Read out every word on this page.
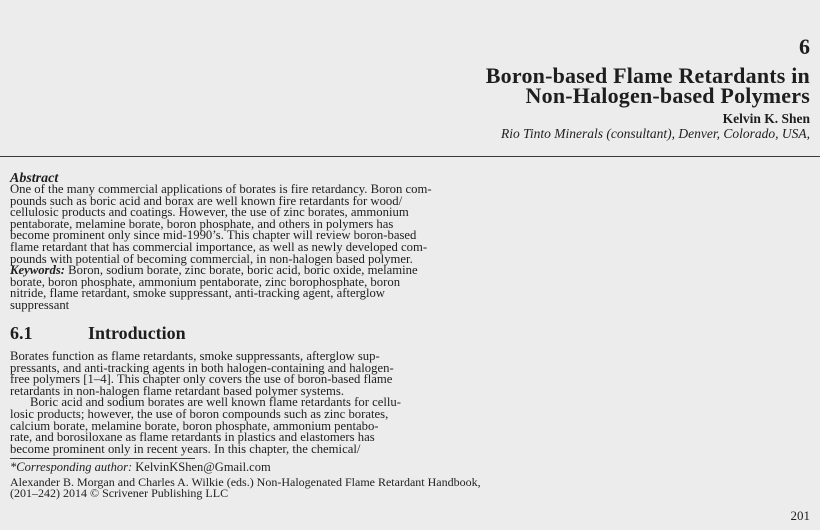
6
Boron-based Flame Retardants in
Non-Halogen-based Polymers
Kelvin K. Shen
Rio Tinto Minerals (consultant), Denver, Colorado, USA,
Abstract
One of the many commercial applications of borates is fire retardancy. Boron com-
pounds such as boric acid and borax are well known fire retardants for wood/
cellulosic products and coatings. However, the use of zinc borates, ammonium
pentaborate, melamine borate, boron phosphate, and others in polymers has
become prominent only since mid-1990’s. This chapter will review boron-based
flame retardant that has commercial importance, as well as newly developed com-
pounds with potential of becoming commercial, in non-halogen based polymer.
Keywords: Boron, sodium borate, zinc borate, boric acid, boric oxide, melamine
borate, boron phosphate, ammonium pentaborate, zinc borophosphate, boron
nitride, flame retardant, smoke suppressant, anti-tracking agent, afterglow
suppressant
6.1	Introduction

Borates function as flame retardants, smoke suppressants, afterglow sup-
pressants, and anti-tracking agents in both halogen-containing and halogen-
free polymers [1–4]. This chapter only covers the use of boron-based flame
retardants in non-halogen flame retardant based polymer systems.

Boric acid and sodium borates are well known flame retardants for cellu-
losic products; however, the use of boron compounds such as zinc borates,
calcium borate, melamine borate, boron phosphate, ammonium pentabo-
rate, and borosiloxane as flame retardants in plastics and elastomers has
become prominent only in recent years. In this chapter, the chemical/

*Corresponding author: KelvinKShen@Gmail.com
Alexander B. Morgan and Charles A. Wilkie (eds.) Non-Halogenated Flame Retardant Handbook,
(201–242) 2014 © Scrivener Publishing LLC
201
